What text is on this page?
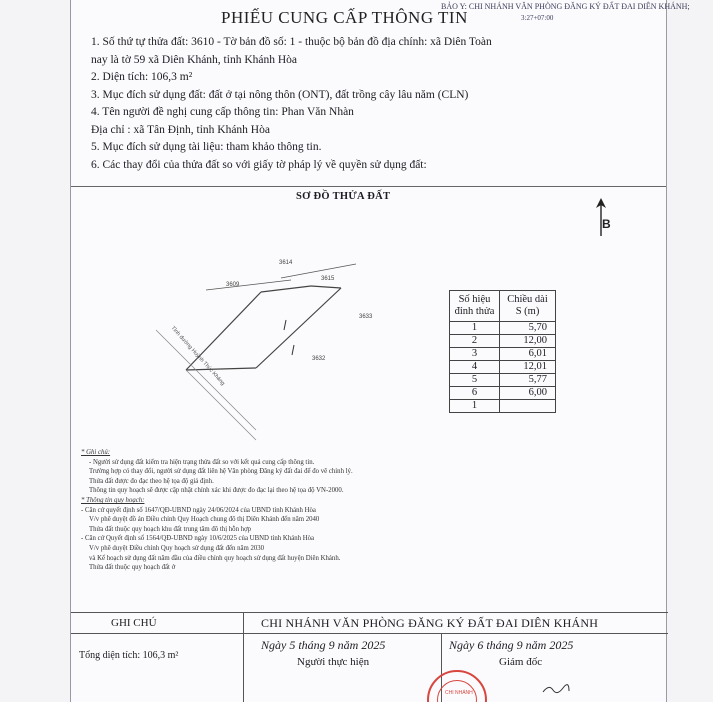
BẢO Y: CHI NHÁNH VĂN PHÒNG ĐĂNG KÝ ĐẤT ĐAI DIÊN KHÁNH;
3:27+07:00
PHIẾU CUNG CẤP THÔNG TIN
1. Số thứ tự thửa đất: 3610 - Tờ bản đồ số: 1 - thuộc bộ bản đồ địa chính: xã Diên Toàn
nay là tờ 59 xã Diên Khánh, tỉnh Khánh Hòa
2. Diện tích: 106,3 m²
3. Mục đích sử dụng đất: đất ở tại nông thôn (ONT), đất trồng cây lâu năm (CLN)
4. Tên người đề nghị cung cấp thông tin: Phan Văn Nhàn
Địa chỉ : xã Tân Định, tỉnh Khánh Hòa
5. Mục đích sử dụng tài liệu: tham khảo thông tin.
6. Các thay đổi của thửa đất so với giấy tờ pháp lý về quyền sử dụng đất:
SƠ ĐỒ THỬA ĐẤT
B
3614
3609
3615
3633
3632
Tỉnh đường Huỳnh Thúc Kháng
Số hiệu đỉnh thửa	Chiều dài S (m)
1	5,70
2	12,00
3	6,01
4	12,01
5	5,77
6	6,00
1	
* Ghi chú:
- Người sử dụng đất kiểm tra hiện trạng thửa đất so với kết quả cung cấp thông tin.
Trường hợp có thay đổi, người sử dụng đất liên hệ Văn phòng Đăng ký đất đai để đo vẽ chỉnh lý.
Thửa đất được đo đạc theo hệ tọa độ giả định.
Thông tin quy hoạch sẽ được cập nhật chính xác khi được đo đạc lại theo hệ tọa độ VN-2000.
* Thông tin quy hoạch:
- Căn cứ quyết định số 1647/QĐ-UBND ngày 24/06/2024 của UBND tỉnh Khánh Hòa
V/v phê duyệt đồ án Điều chỉnh Quy Hoạch chung đô thị Diên Khánh đến năm 2040
Thửa đất thuộc quy hoạch khu đất trung tâm đô thị hỗn hợp
- Căn cứ Quyết định số 1564/QĐ-UBND ngày 10/6/2025 của UBND tỉnh Khánh Hòa
V/v phê duyệt Điều chỉnh Quy hoạch sử dụng đất đến năm 2030
và Kế hoạch sử dụng đất năm đầu của điều chỉnh quy hoạch sử dụng đất huyện Diên Khánh.
Thửa đất thuộc quy hoạch đất ở
GHI CHÚ	CHI NHÁNH VĂN PHÒNG ĐĂNG KÝ ĐẤT ĐAI DIÊN KHÁNH
Tổng diện tích: 106,3 m²
Ngày 5 tháng 9 năm 2025
Người thực hiện
Ngày 6 tháng 9 năm 2025
Giám đốc
CHI NHÁNH
